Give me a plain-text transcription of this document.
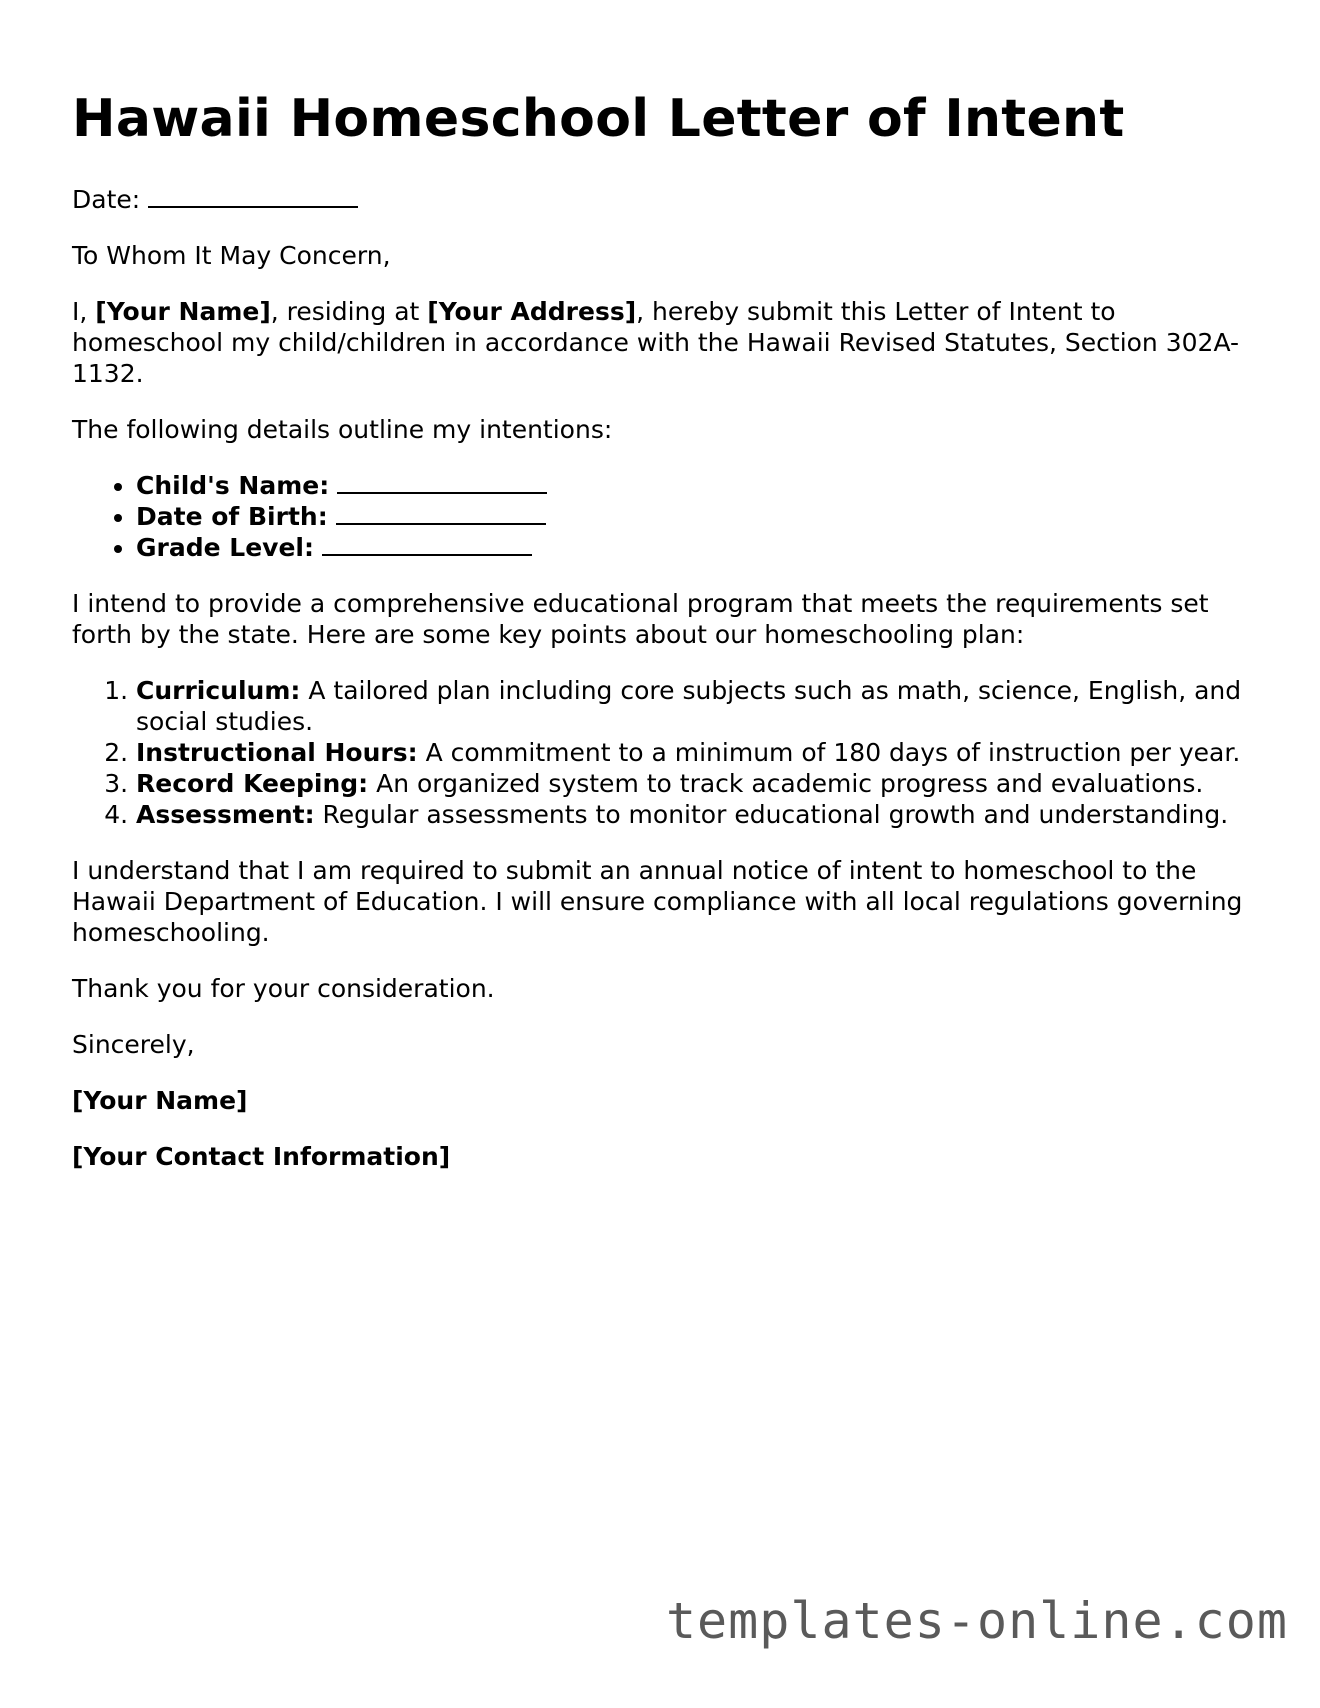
Hawaii Homeschool Letter of Intent

Date:

To Whom It May Concern,

I, [Your Name], residing at [Your Address], hereby submit this Letter of Intent to homeschool my child/children in accordance with the Hawaii Revised Statutes, Section 302A-1132.

The following details outline my intentions:

• Child's Name:
• Date of Birth:
• Grade Level:

I intend to provide a comprehensive educational program that meets the requirements set forth by the state. Here are some key points about our homeschooling plan:

1. Curriculum: A tailored plan including core subjects such as math, science, English, and social studies.
2. Instructional Hours: A commitment to a minimum of 180 days of instruction per year.
3. Record Keeping: An organized system to track academic progress and evaluations.
4. Assessment: Regular assessments to monitor educational growth and understanding.

I understand that I am required to submit an annual notice of intent to homeschool to the Hawaii Department of Education. I will ensure compliance with all local regulations governing homeschooling.

Thank you for your consideration.

Sincerely,

[Your Name]

[Your Contact Information]

templates-online.com
